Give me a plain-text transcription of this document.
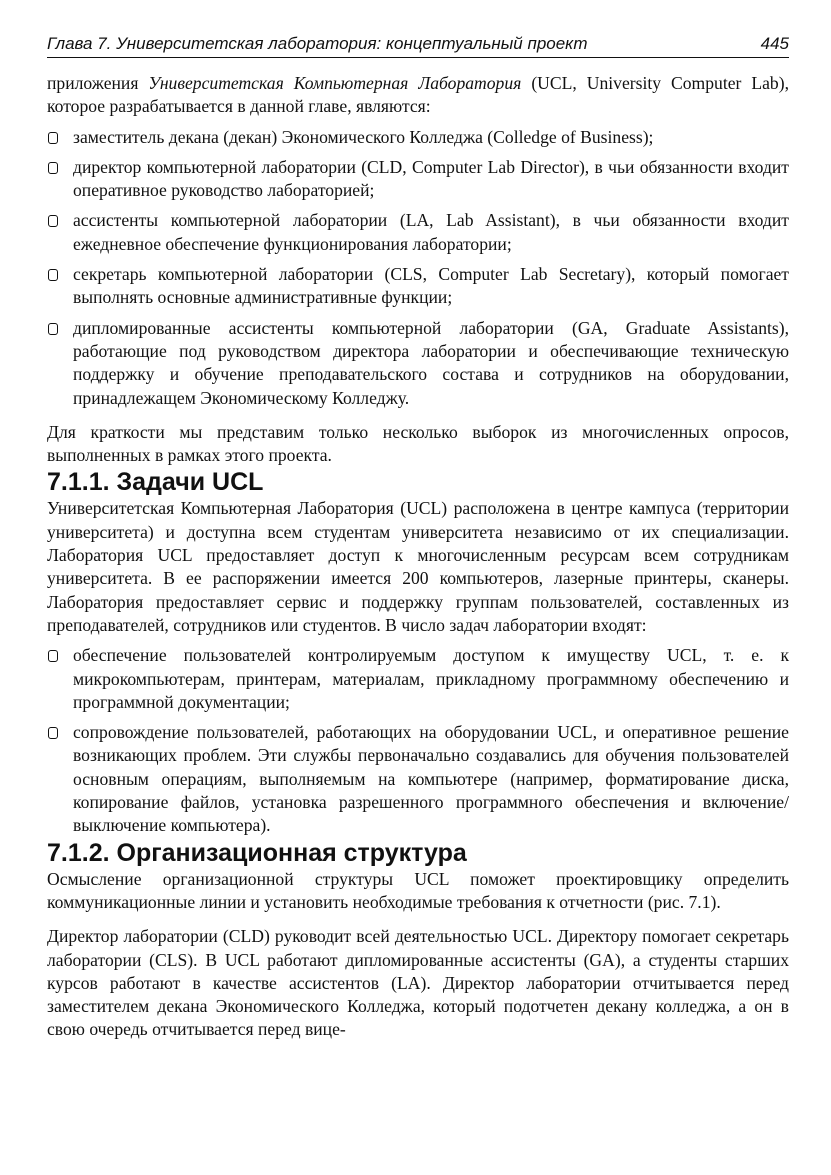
Глава 7. Университетская лаборатория: концептуальный проект	445

приложения Университетская Компьютерная Лаборатория (UCL, University Computer Lab), которое разрабатывается в данной главе, являются:

заместитель декана (декан) Экономического Колледжа (Colledge of Business);
директор компьютерной лаборатории (CLD, Computer Lab Director), в чьи обязанности входит оперативное руководство лабораторией;
ассистенты компьютерной лаборатории (LA, Lab Assistant), в чьи обязанности входит ежедневное обеспечение функционирования лаборатории;
секретарь компьютерной лаборатории (CLS, Computer Lab Secretary), который помогает выполнять основные административные функции;
дипломированные ассистенты компьютерной лаборатории (GA, Graduate Assistants), работающие под руководством директора лаборатории и обеспечивающие техническую поддержку и обучение преподавательского состава и сотрудников на оборудовании, принадлежащем Экономическому Колледжу.

Для краткости мы представим только несколько выборок из многочисленных опросов, выполненных в рамках этого проекта.

7.1.1. Задачи UCL

Университетская Компьютерная Лаборатория (UCL) расположена в центре кампуса (территории университета) и доступна всем студентам университета независимо от их специализации. Лаборатория UCL предоставляет доступ к многочисленным ресурсам всем сотрудникам университета. В ее распоряжении имеется 200 компьютеров, лазерные принтеры, сканеры. Лаборатория предоставляет сервис и поддержку группам пользователей, составленных из преподавателей, сотрудников или студентов. В число задач лаборатории входят:

обеспечение пользователей контролируемым доступом к имуществу UCL, т. е. к микрокомпьютерам, принтерам, материалам, прикладному программному обеспечению и программной документации;
сопровождение пользователей, работающих на оборудовании UCL, и оперативное решение возникающих проблем. Эти службы первоначально создавались для обучения пользователей основным операциям, выполняемым на компьютере (например, форматирование диска, копирование файлов, установка разрешенного программного обеспечения и включение/выключение компьютера).
7.1.2. Организационная структура

Осмысление организационной структуры UCL поможет проектировщику определить коммуникационные линии и установить необходимые требования к отчетности (рис. 7.1).

Директор лаборатории (CLD) руководит всей деятельностью UCL. Директору помогает секретарь лаборатории (CLS). В UCL работают дипломированные ассистенты (GA), а студенты старших курсов работают в качестве ассистентов (LA). Директор лаборатории отчитывается перед заместителем декана Экономического Колледжа, который подотчетен декану колледжа, а он в свою очередь отчитывается перед вице-
